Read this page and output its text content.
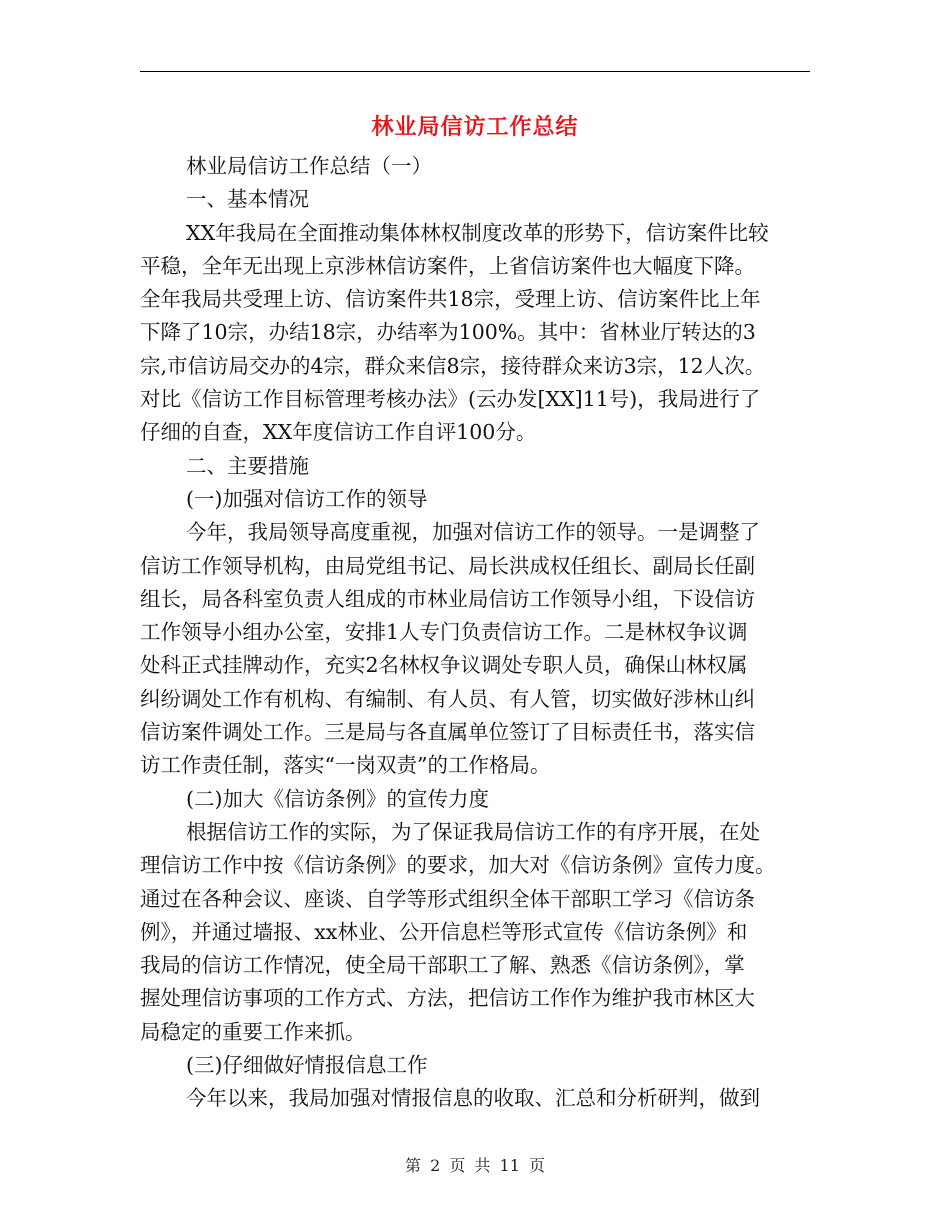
林业局信访工作总结
林业局信访工作总结（一）
一、基本情况
XX年我局在全面推动集体林权制度改革的形势下，信访案件比较
平稳，全年无出现上京涉林信访案件，上省信访案件也大幅度下降。
全年我局共受理上访、信访案件共18宗，受理上访、信访案件比上年
下降了10宗，办结18宗，办结率为100%。其中：省林业厅转达的3
宗,市信访局交办的4宗，群众来信8宗，接待群众来访3宗，12人次。
对比《信访工作目标管理考核办法》(云办发[XX]11号)，我局进行了
仔细的自查，XX年度信访工作自评100分。
二、主要措施
(一)加强对信访工作的领导
今年，我局领导高度重视，加强对信访工作的领导。一是调整了
信访工作领导机构，由局党组书记、局长洪成权任组长、副局长任副
组长，局各科室负责人组成的市林业局信访工作领导小组，下设信访
工作领导小组办公室，安排1人专门负责信访工作。二是林权争议调
处科正式挂牌动作，充实2名林权争议调处专职人员，确保山林权属
纠纷调处工作有机构、有编制、有人员、有人管，切实做好涉林山纠
信访案件调处工作。三是局与各直属单位签订了目标责任书，落实信
访工作责任制，落实“一岗双责”的工作格局。
(二)加大《信访条例》的宣传力度
根据信访工作的实际，为了保证我局信访工作的有序开展，在处
理信访工作中按《信访条例》的要求，加大对《信访条例》宣传力度。
通过在各种会议、座谈、自学等形式组织全体干部职工学习《信访条
例》，并通过墙报、xx林业、公开信息栏等形式宣传《信访条例》和
我局的信访工作情况，使全局干部职工了解、熟悉《信访条例》，掌
握处理信访事项的工作方式、方法，把信访工作作为维护我市林区大
局稳定的重要工作来抓。
(三)仔细做好情报信息工作
今年以来，我局加强对情报信息的收取、汇总和分析研判，做到
第 2 页 共 11 页
